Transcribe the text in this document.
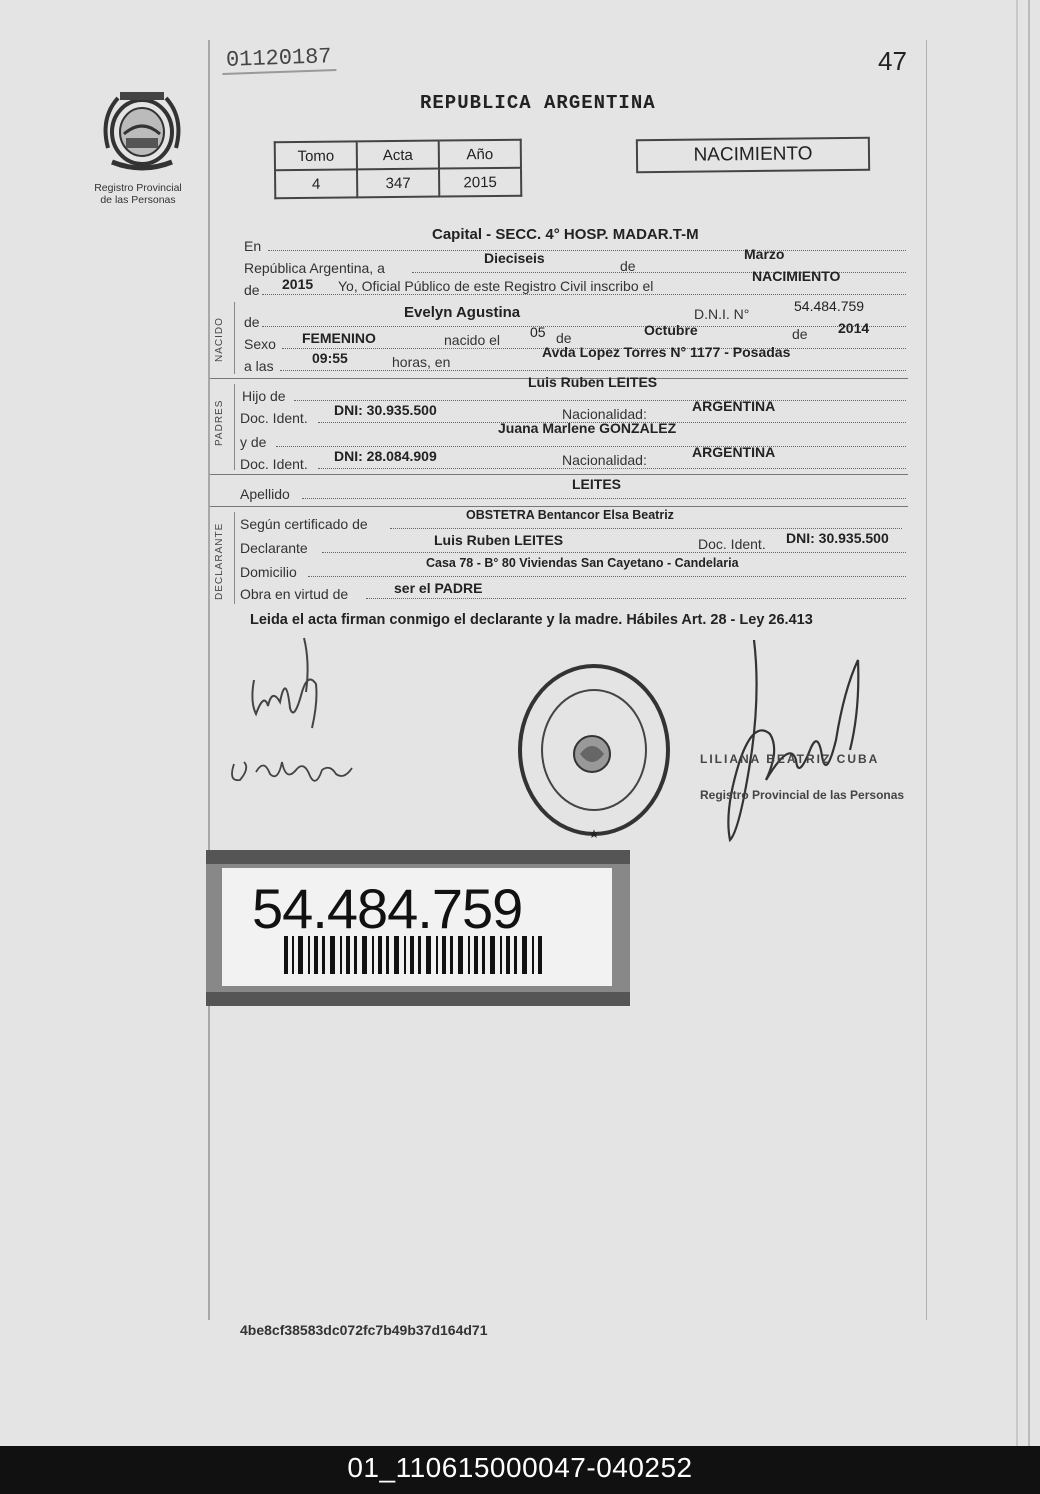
Registro Provincial
de las Personas
01120187	47
REPUBLICA ARGENTINA
Tomo	Acta	Año
4	347	2015
NACIMIENTO
En
Capital - SECC. 4° HOSP. MADAR.T-M
República Argentina, a
Dieciseis	de
Marzo
de 2015 Yo, Oficial Público de este Registro Civil inscribo el
NACIMIENTO
NACIDO de
Evelyn Agustina	D.N.I. N°	54.484.759
Sexo FEMENINO	nacido el 05 de	Octubre	de 2014
a las	09:55	horas, en
Avda Lopez Torres N° 1177 - Posadas
PADRES
Hijo de
Luis Ruben LEITES
Doc. Ident. DNI: 30.935.500	Nacionalidad:	ARGENTINA
y de
Juana Marlene GONZALEZ
Doc. Ident. DNI: 28.084.909	Nacionalidad:	ARGENTINA
Apellido
LEITES
DECLARANTE Según certificado de
OBSTETRA Bentancor Elsa Beatriz
Declarante	Luis Ruben LEITES	Doc. Ident. DNI: 30.935.500
Domicilio
Casa 78 - B° 80 Viviendas San Cayetano - Candelaria
Obra en virtud de	ser el PADRE
Leida el acta firman conmigo el declarante y la madre. Hábiles Art. 28 - Ley 26.413
★
LILIANA BEATRIZ CUBA
Registro Provincial de las Personas
54.484.759
4be8cf38583dc072fc7b49b37d164d71
01_110615000047-040252
